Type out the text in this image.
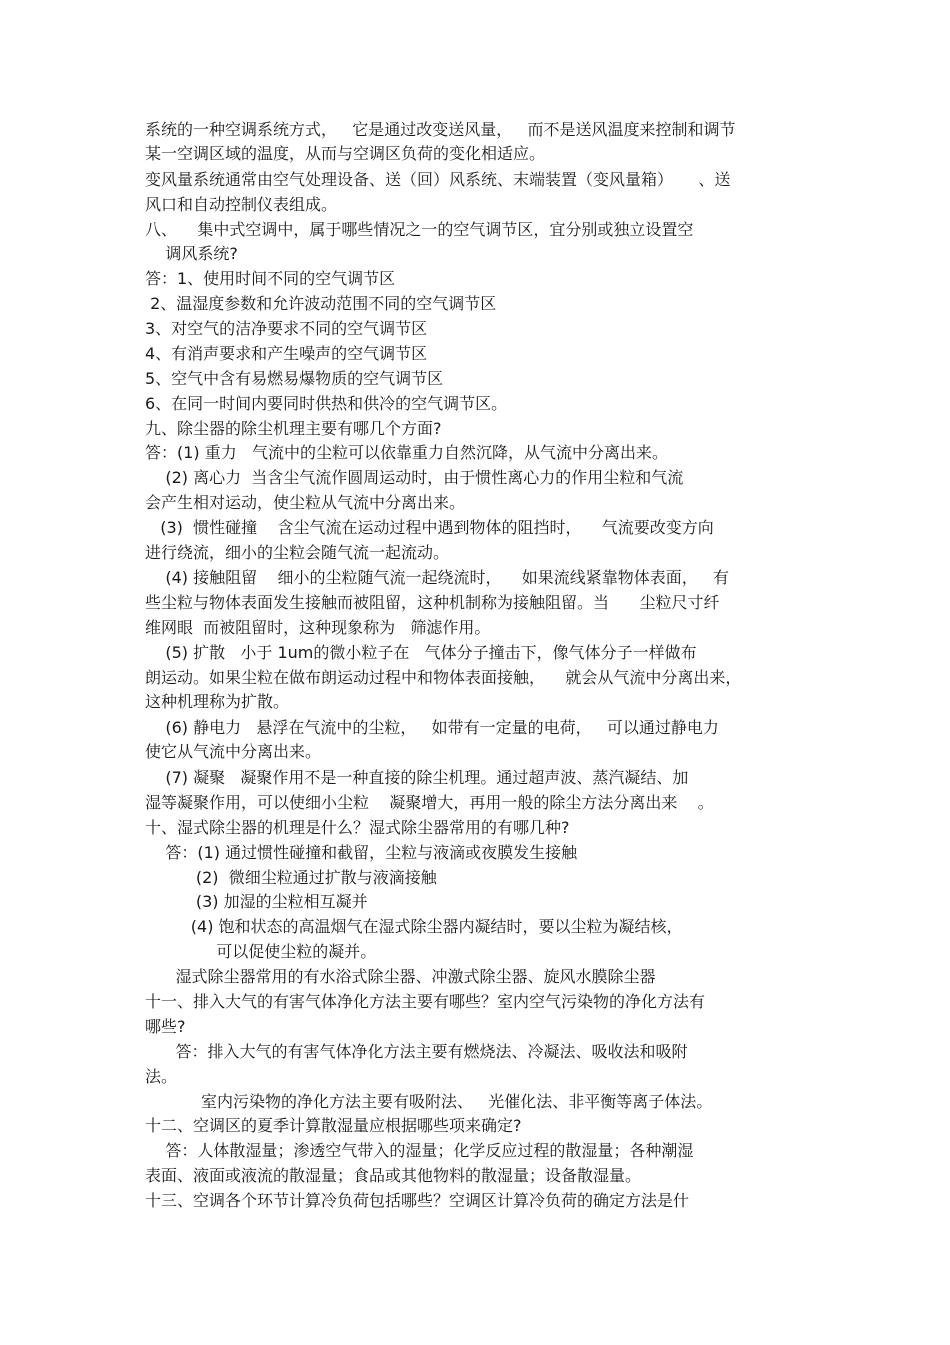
系统的一种空调系统方式，   它是通过改变送风量，   而不是送风温度来控制和调节

某一空调区域的温度，从而与空调区负荷的变化相适应。

变风量系统通常由空气处理设备、送（回）风系统、末端装置（变风量箱）     、送

风口和自动控制仪表组成。

八、    集中式空调中，属于哪些情况之一的空气调节区，宜分别或独立设置空

调风系统?

答：1、使用时间不同的空气调节区

2、温湿度参数和允许波动范围不同的空气调节区

3、对空气的洁净要求不同的空气调节区

4、有消声要求和产生噪声的空气调节区

5、空气中含有易燃易爆物质的空气调节区

6、在同一时间内要同时供热和供冷的空气调节区。

九、除尘器的除尘机理主要有哪几个方面?

答：(1) 重力   气流中的尘粒可以依靠重力自然沉降，从气流中分离出来。

(2) 离心力  当含尘气流作圆周运动时，由于惯性离心力的作用尘粒和气流

会产生相对运动，使尘粒从气流中分离出来。

(3)  惯性碰撞    含尘气流在运动过程中遇到物体的阻挡时，    气流要改变方向

进行绕流，细小的尘粒会随气流一起流动。

(4) 接触阻留    细小的尘粒随气流一起绕流时，    如果流线紧靠物体表面，   有

些尘粒与物体表面发生接触而被阻留，这种机制称为接触阻留。当      尘粒尺寸纤

维网眼  而被阻留时，这种现象称为   筛滤作用。

(5) 扩散   小于 1um的微小粒子在   气体分子撞击下，像气体分子一样做布

朗运动。如果尘粒在做布朗运动过程中和物体表面接触，    就会从气流中分离出来，

这种机理称为扩散。

(6) 静电力   悬浮在气流中的尘粒，   如带有一定量的电荷，   可以通过静电力

使它从气流中分离出来。

(7) 凝聚   凝聚作用不是一种直接的除尘机理。通过超声波、蒸汽凝结、加

湿等凝聚作用，可以使细小尘粒    凝聚增大，再用一般的除尘方法分离出来    。

十、湿式除尘器的机理是什么？湿式除尘器常用的有哪几种?

答：(1) 通过惯性碰撞和截留，尘粒与液滴或夜膜发生接触

(2)  微细尘粒通过扩散与液滴接触

(3) 加湿的尘粒相互凝并

(4) 饱和状态的高温烟气在湿式除尘器内凝结时，要以尘粒为凝结核，

可以促使尘粒的凝并。

湿式除尘器常用的有水浴式除尘器、冲激式除尘器、旋风水膜除尘器

十一、排入大气的有害气体净化方法主要有哪些？室内空气污染物的净化方法有

哪些?

答：排入大气的有害气体净化方法主要有燃烧法、冷凝法、吸收法和吸附

法。

室内污染物的净化方法主要有吸附法、   光催化法、非平衡等离子体法。

十二、空调区的夏季计算散湿量应根据哪些项来确定?

答：人体散湿量；渗透空气带入的湿量；化学反应过程的散湿量；各种潮湿

表面、液面或液流的散湿量；食品或其他物料的散湿量；设备散湿量。

十三、空调各个环节计算冷负荷包括哪些？空调区计算冷负荷的确定方法是什
